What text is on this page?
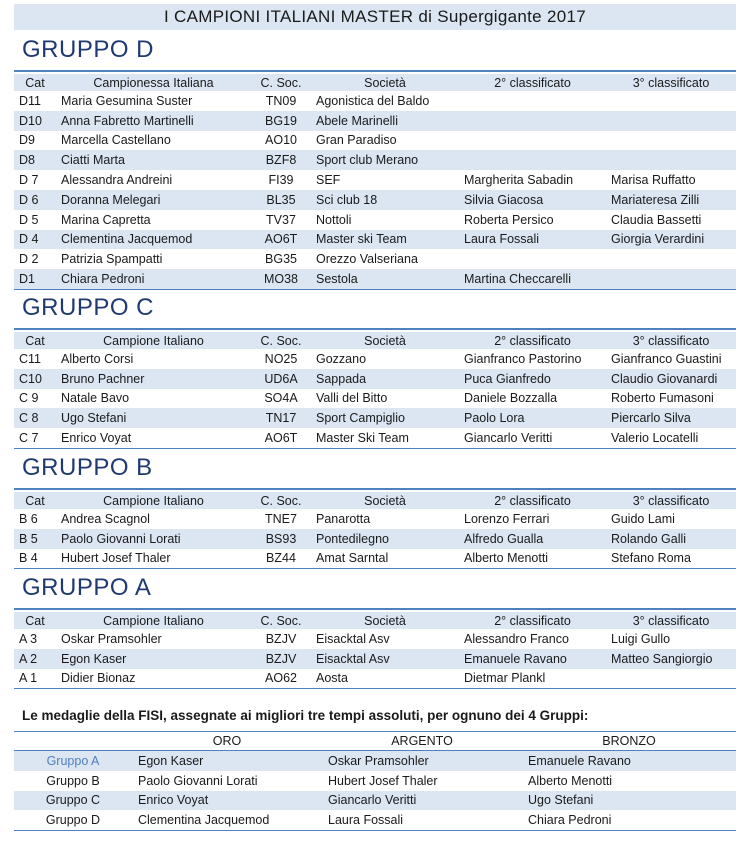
I CAMPIONI ITALIANI MASTER di Supergigante 2017
GRUPPO D
Cat	Campionessa Italiana	C. Soc.	Società	2° classificato	3° classificato
D11	Maria Gesumina Suster	TN09	Agonistica del Baldo		
D10	Anna Fabretto Martinelli	BG19	Abele Marinelli		
D9	Marcella Castellano	AO10	Gran Paradiso		
D8	Ciatti Marta	BZF8	Sport club Merano		
D 7	Alessandra Andreini	FI39	SEF	Margherita Sabadin	Marisa Ruffatto
D 6	Doranna Melegari	BL35	Sci club 18	Silvia Giacosa	Mariateresa Zilli
D 5	Marina Capretta	TV37	Nottoli	Roberta Persico	Claudia Bassetti
D 4	Clementina Jacquemod	AO6T	Master ski Team	Laura Fossali	Giorgia Verardini
D 2	Patrizia Spampatti	BG35	Orezzo Valseriana		
D1	Chiara Pedroni	MO38	Sestola	Martina Checcarelli	
GRUPPO C
Cat	Campione Italiano	C. Soc.	Società	2° classificato	3° classificato
C11	Alberto Corsi	NO25	Gozzano	Gianfranco Pastorino	Gianfranco Guastini
C10	Bruno Pachner	UD6A	Sappada	Puca Gianfredo	Claudio Giovanardi
C 9	Natale Bavo	SO4A	Valli del Bitto	Daniele Bozzalla	Roberto Fumasoni
C 8	Ugo Stefani	TN17	Sport Campiglio	Paolo Lora	Piercarlo Silva
C 7	Enrico Voyat	AO6T	Master Ski Team	Giancarlo Veritti	Valerio Locatelli
GRUPPO B
Cat	Campione Italiano	C. Soc.	Società	2° classificato	3° classificato
B 6	Andrea Scagnol	TNE7	Panarotta	Lorenzo Ferrari	Guido Lami
B 5	Paolo Giovanni Lorati	BS93	Pontedilegno	Alfredo Gualla	Rolando Galli
B 4	Hubert Josef Thaler	BZ44	Amat Sarntal	Alberto Menotti	Stefano Roma
GRUPPO A
Cat	Campione Italiano	C. Soc.	Società	2° classificato	3° classificato
A 3	Oskar Pramsohler	BZJV	Eisacktal Asv	Alessandro Franco	Luigi Gullo
A 2	Egon Kaser	BZJV	Eisacktal Asv	Emanuele Ravano	Matteo Sangiorgio
A 1	Didier Bionaz	AO62	Aosta	Dietmar Plankl	
Le medaglie della FISI, assegnate ai migliori tre tempi assoluti, per ognuno dei 4 Gruppi:
	ORO	ARGENTO	BRONZO
Gruppo A	Egon Kaser	Oskar Pramsohler	Emanuele Ravano
Gruppo B	Paolo Giovanni Lorati	Hubert Josef Thaler	Alberto Menotti
Gruppo C	Enrico Voyat	Giancarlo Veritti	Ugo Stefani
Gruppo D	Clementina Jacquemod	Laura Fossali	Chiara Pedroni
